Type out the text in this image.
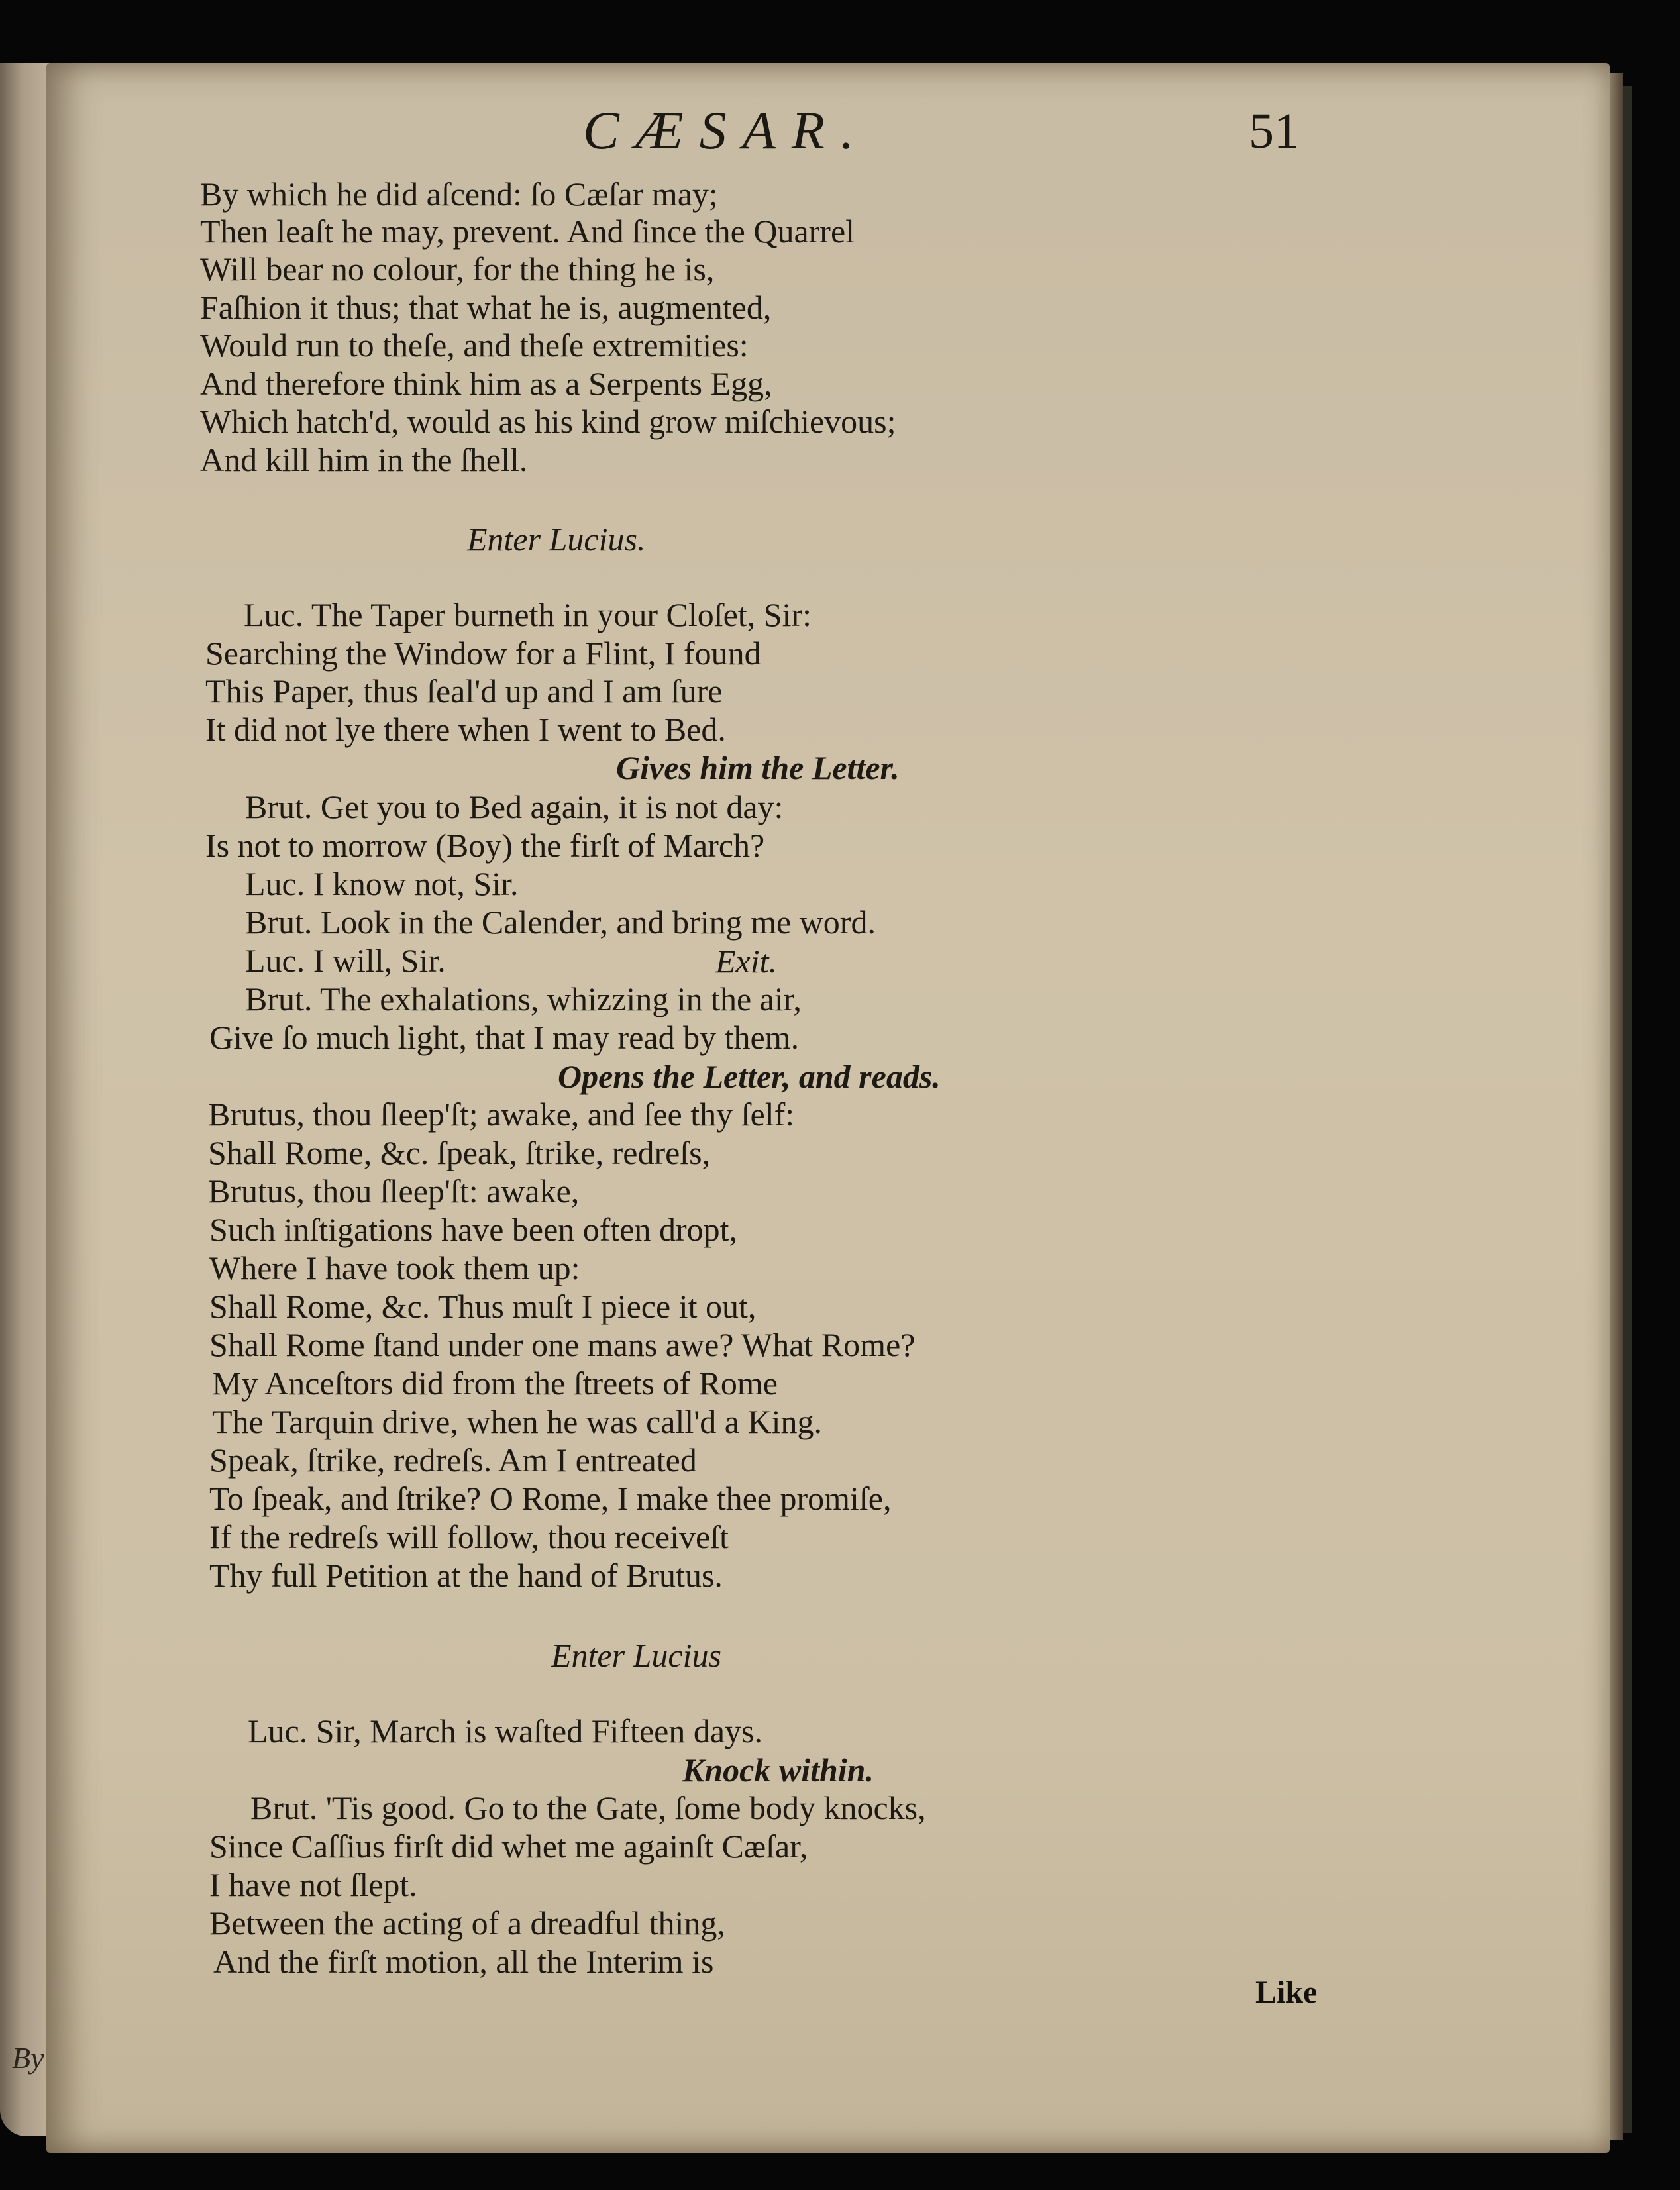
By
CÆSAR.	51
By which he did aſcend: ſo Cæſar may;
Then leaſt he may, prevent. And ſince the Quarrel
Will bear no colour, for the thing he is,
Faſhion it thus; that what he is, augmented,
Would run to theſe, and theſe extremities:
And therefore think him as a Serpents Egg,
Which hatch'd, would as his kind grow miſchievous;
And kill him in the ſhell.
Enter Lucius.
Luc. The Taper burneth in your Cloſet, Sir:
Searching the Window for a Flint, I found
This Paper, thus ſeal'd up and I am ſure
It did not lye there when I went to Bed.
Gives him the Letter.
Brut. Get you to Bed again, it is not day:
Is not to morrow (Boy) the firſt of March?
Luc. I know not, Sir.
Brut. Look in the Calender, and bring me word.
Luc. I will, Sir.	Exit.
Brut. The exhalations, whizzing in the air,
Give ſo much light, that I may read by them.
Opens the Letter, and reads.
Brutus, thou ſleep'ſt; awake, and ſee thy ſelf:
Shall Rome, &c. ſpeak, ſtrike, redreſs,
Brutus, thou ſleep'ſt: awake,
Such inſtigations have been often dropt,
Where I have took them up:
Shall Rome, &c. Thus muſt I piece it out,
Shall Rome ſtand under one mans awe? What Rome?
My Anceſtors did from the ſtreets of Rome
The Tarquin drive, when he was call'd a King.
Speak, ſtrike, redreſs. Am I entreated
To ſpeak, and ſtrike? O Rome, I make thee promiſe,
If the redreſs will follow, thou receiveſt
Thy full Petition at the hand of Brutus.
Enter Lucius
Luc. Sir, March is waſted Fifteen days.
Knock within.
Brut. 'Tis good. Go to the Gate, ſome body knocks,
Since Caſſius firſt did whet me againſt Cæſar,
I have not ſlept.
Between the acting of a dreadful thing,
And the firſt motion, all the Interim is
Like
